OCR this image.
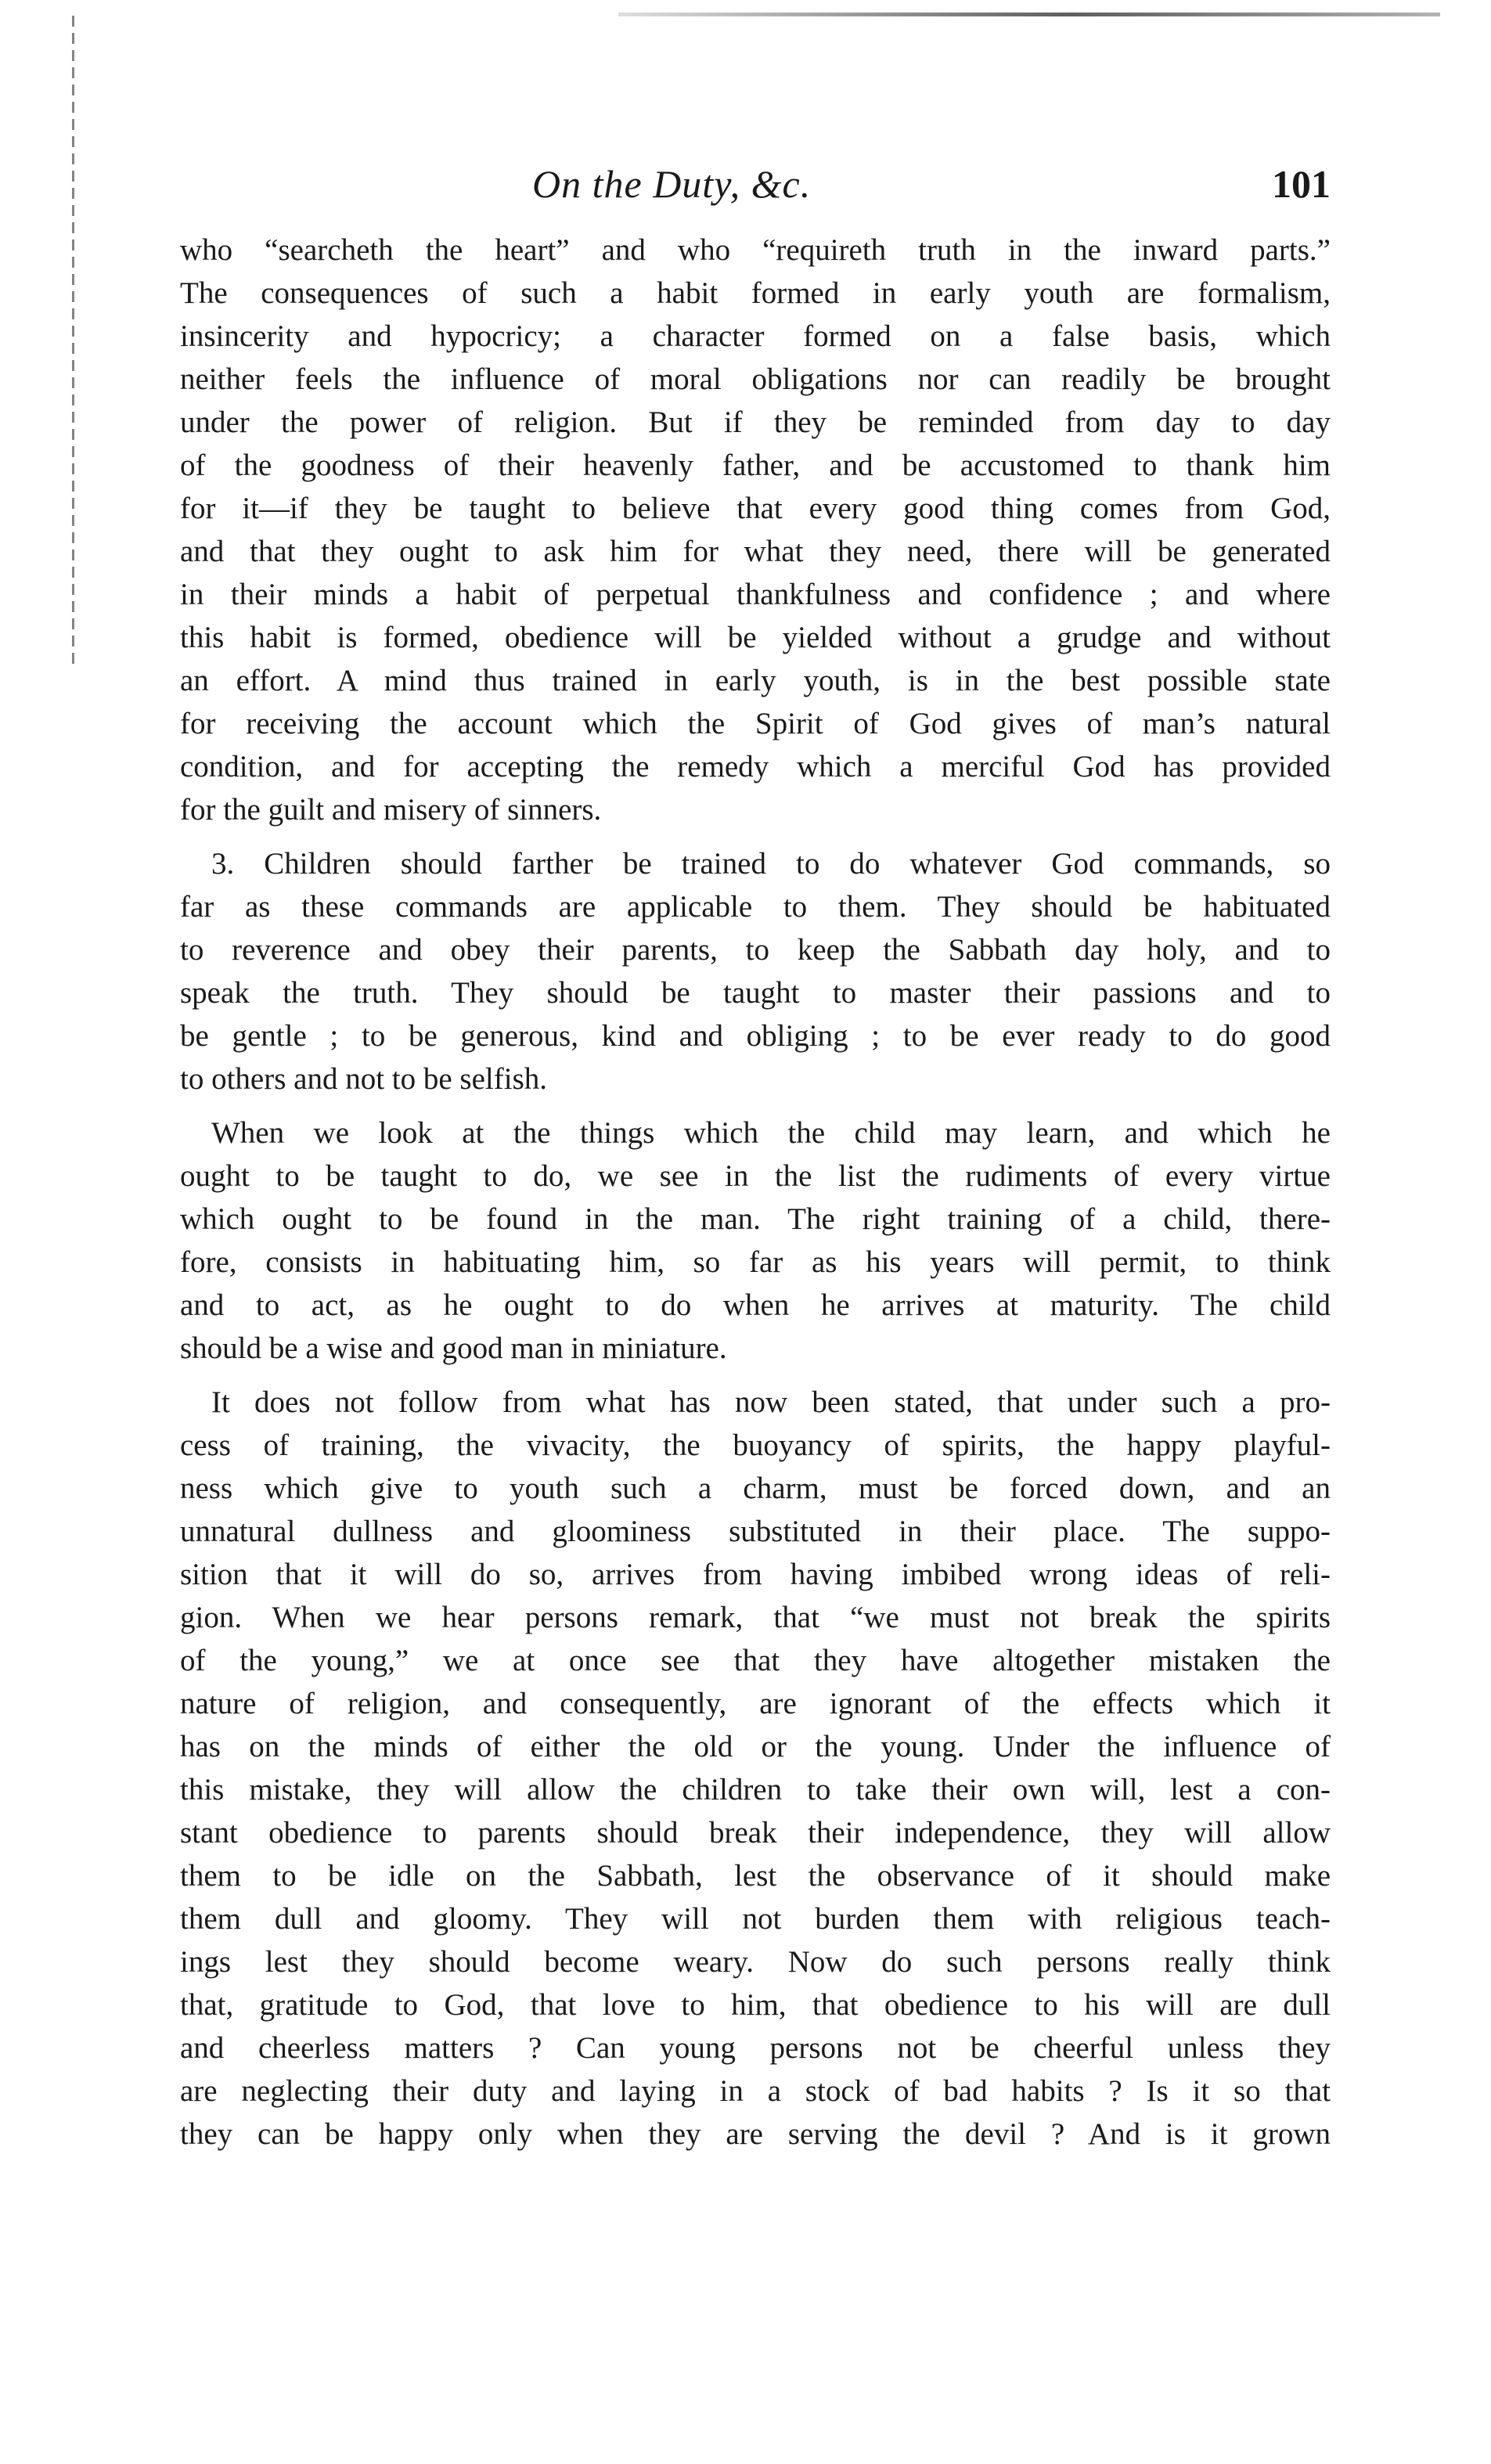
On the Duty, &c.	101
who “searcheth the heart” and who “requireth truth in the inward parts.”
The consequences of such a habit formed in early youth are formalism,
insincerity and hypocricy; a character formed on a false basis, which
neither feels the influence of moral obligations nor can readily be brought
under the power of religion. But if they be reminded from day to day
of the goodness of their heavenly father, and be accustomed to thank him
for it—if they be taught to believe that every good thing comes from God,
and that they ought to ask him for what they need, there will be generated
in their minds a habit of perpetual thankfulness and confidence ; and where
this habit is formed, obedience will be yielded without a grudge and without
an effort. A mind thus trained in early youth, is in the best possible state
for receiving the account which the Spirit of God gives of man’s natural
condition, and for accepting the remedy which a merciful God has provided
for the guilt and misery of sinners.
3. Children should farther be trained to do whatever God commands, so
far as these commands are applicable to them. They should be habituated
to reverence and obey their parents, to keep the Sabbath day holy, and to
speak the truth. They should be taught to master their passions and to
be gentle ; to be generous, kind and obliging ; to be ever ready to do good
to others and not to be selfish.
When we look at the things which the child may learn, and which he
ought to be taught to do, we see in the list the rudiments of every virtue
which ought to be found in the man. The right training of a child, there-
fore, consists in habituating him, so far as his years will permit, to think
and to act, as he ought to do when he arrives at maturity. The child
should be a wise and good man in miniature.
It does not follow from what has now been stated, that under such a pro-
cess of training, the vivacity, the buoyancy of spirits, the happy playful-
ness which give to youth such a charm, must be forced down, and an
unnatural dullness and gloominess substituted in their place. The suppo-
sition that it will do so, arrives from having imbibed wrong ideas of reli-
gion. When we hear persons remark, that “we must not break the spirits
of the young,” we at once see that they have altogether mistaken the
nature of religion, and consequently, are ignorant of the effects which it
has on the minds of either the old or the young. Under the influence of
this mistake, they will allow the children to take their own will, lest a con-
stant obedience to parents should break their independence, they will allow
them to be idle on the Sabbath, lest the observance of it should make
them dull and gloomy. They will not burden them with religious teach-
ings lest they should become weary. Now do such persons really think
that, gratitude to God, that love to him, that obedience to his will are dull
and cheerless matters ? Can young persons not be cheerful unless they
are neglecting their duty and laying in a stock of bad habits ? Is it so that
they can be happy only when they are serving the devil ? And is it grown
